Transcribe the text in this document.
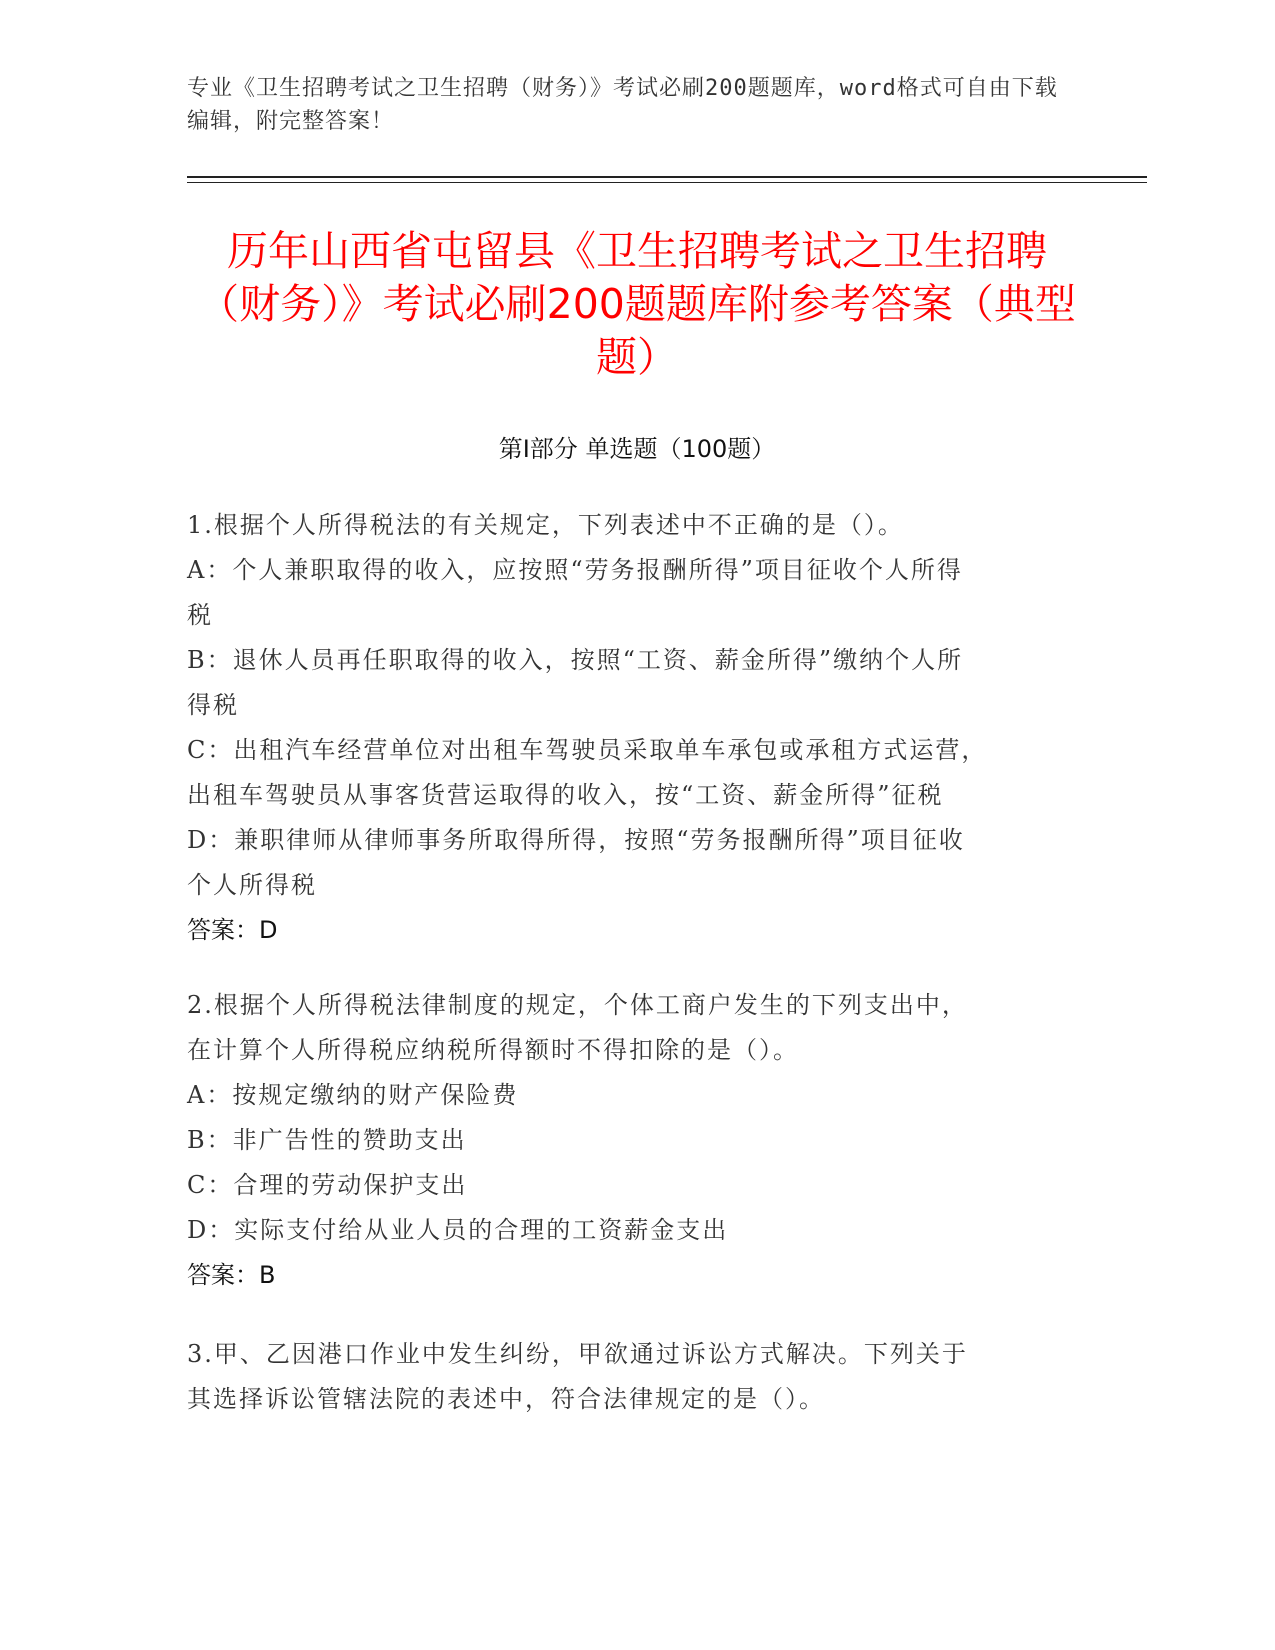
专业《卫生招聘考试之卫生招聘（财务）》考试必刷200题题库，word格式可自由下载编辑，附完整答案！
历年山西省屯留县《卫生招聘考试之卫生招聘（财务）》考试必刷200题题库附参考答案（典型题）
第Ⅰ部分 单选题（100题）
1.根据个人所得税法的有关规定，下列表述中不正确的是（）。
A：个人兼职取得的收入，应按照“劳务报酬所得”项目征收个人所得
税
B：退休人员再任职取得的收入，按照“工资、薪金所得”缴纳个人所
得税
C：出租汽车经营单位对出租车驾驶员采取单车承包或承租方式运营，
出租车驾驶员从事客货营运取得的收入，按“工资、薪金所得”征税
D：兼职律师从律师事务所取得所得，按照“劳务报酬所得”项目征收
个人所得税
答案：D
2.根据个人所得税法律制度的规定，个体工商户发生的下列支出中，
在计算个人所得税应纳税所得额时不得扣除的是（）。
A：按规定缴纳的财产保险费
B：非广告性的赞助支出
C：合理的劳动保护支出
D：实际支付给从业人员的合理的工资薪金支出
答案：B
3.甲、乙因港口作业中发生纠纷，甲欲通过诉讼方式解决。下列关于
其选择诉讼管辖法院的表述中，符合法律规定的是（）。
